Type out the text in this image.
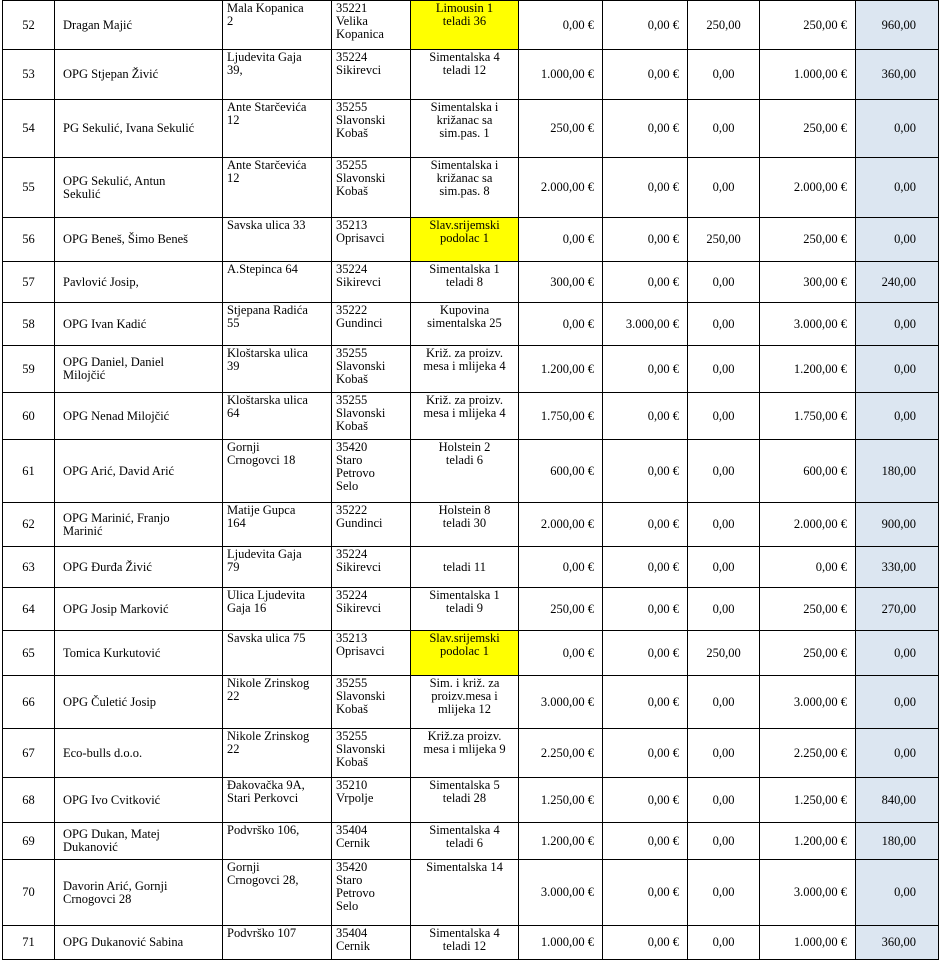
52	Dragan Majić	Mala Kopanica
2	35221
Velika
Kopanica	Limousin 1
teladi 36	0,00 €	0,00 €	250,00	250,00 €	960,00
53	OPG Stjepan Živić	Ljudevita Gaja
39,	35224
Sikirevci	Simentalska 4
teladi 12	1.000,00 €	0,00 €	0,00	1.000,00 €	360,00
54	PG Sekulić, Ivana Sekulić	Ante Starčevića
12	35255
Slavonski
Kobaš	Simentalska i
križanac sa
sim.pas. 1	250,00 €	0,00 €	0,00	250,00 €	0,00
55	OPG Sekulić, Antun
Sekulić	Ante Starčevića
12	35255
Slavonski
Kobaš	Simentalska i
križanac sa
sim.pas. 8	2.000,00 €	0,00 €	0,00	2.000,00 €	0,00
56	OPG Beneš, Šimo Beneš	Savska ulica 33	35213
Oprisavci	Slav.srijemski
podolac 1	0,00 €	0,00 €	250,00	250,00 €	0,00
57	Pavlović Josip,	A.Stepinca 64	35224
Sikirevci	Simentalska 1
teladi 8	300,00 €	0,00 €	0,00	300,00 €	240,00
58	OPG Ivan Kadić	Stjepana Radića
55	35222
Gundinci	Kupovina
simentalska 25	0,00 €	3.000,00 €	0,00	3.000,00 €	0,00
59	OPG Daniel, Daniel
Milojčić	Kloštarska ulica
39	35255
Slavonski
Kobaš	Križ. za proizv.
mesa i mlijeka 4	1.200,00 €	0,00 €	0,00	1.200,00 €	0,00
60	OPG Nenad Milojčić	Kloštarska ulica
64	35255
Slavonski
Kobaš	Križ. za proizv.
mesa i mlijeka 4	1.750,00 €	0,00 €	0,00	1.750,00 €	0,00
61	OPG Arić, David Arić	Gornji
Crnogovci 18	35420
Staro
Petrovo
Selo	Holstein 2
teladi 6	600,00 €	0,00 €	0,00	600,00 €	180,00
62	OPG Marinić, Franjo
Marinić	Matije Gupca
164	35222
Gundinci	Holstein 8
teladi 30	2.000,00 €	0,00 €	0,00	2.000,00 €	900,00
63	OPG Đurđa Živić	Ljudevita Gaja
79	35224
Sikirevci	
teladi 11	0,00 €	0,00 €	0,00	0,00 €	330,00
64	OPG Josip Marković	Ulica Ljudevita
Gaja 16	35224
Sikirevci	Simentalska 1
teladi 9	250,00 €	0,00 €	0,00	250,00 €	270,00
65	Tomica Kurkutović	Savska ulica 75	35213
Oprisavci	Slav.srijemski
podolac 1	0,00 €	0,00 €	250,00	250,00 €	0,00
66	OPG Čuletić Josip	Nikole Zrinskog
22	35255
Slavonski
Kobaš	Sim. i križ. za
proizv.mesa i
mlijeka 12	3.000,00 €	0,00 €	0,00	3.000,00 €	0,00
67	Eco-bulls d.o.o.	Nikole Zrinskog
22	35255
Slavonski
Kobaš	Križ.za proizv.
mesa i mlijeka 9	2.250,00 €	0,00 €	0,00	2.250,00 €	0,00
68	OPG Ivo Cvitković	Đakovačka 9A,
Stari Perkovci	35210
Vrpolje	Simentalska 5
teladi 28	1.250,00 €	0,00 €	0,00	1.250,00 €	840,00
69	OPG Dukan, Matej
Dukanović	Podvrško 106,	35404
Cernik	Simentalska 4
teladi 6	1.200,00 €	0,00 €	0,00	1.200,00 €	180,00
70	Davorin Arić, Gornji
Crnogovci 28	Gornji
Crnogovci 28,	35420
Staro
Petrovo
Selo	Simentalska 14	3.000,00 €	0,00 €	0,00	3.000,00 €	0,00
71	OPG Dukanović Sabina	Podvrško 107	35404
Cernik	Simentalska 4
teladi 12	1.000,00 €	0,00 €	0,00	1.000,00 €	360,00
